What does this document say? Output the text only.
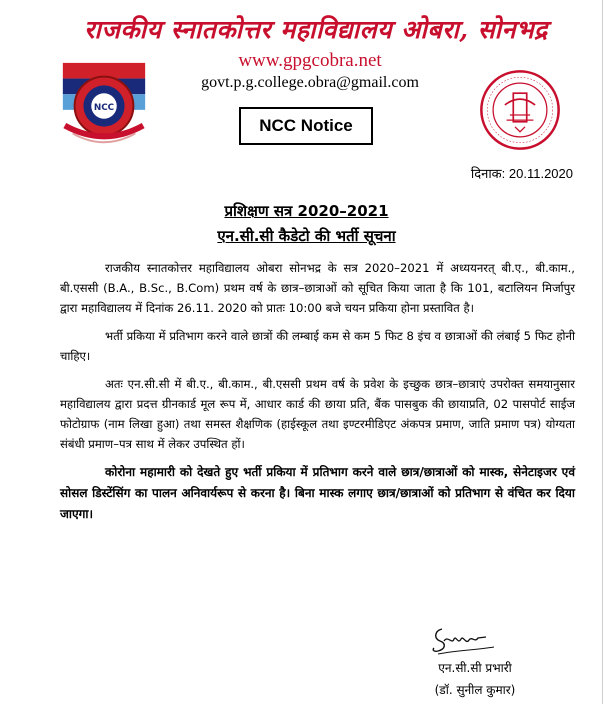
राजकीय स्नातकोत्तर महाविद्यालय ओबरा, सोनभद्र
www.gpgcobra.net
govt.p.g.college.obra@gmail.com
NCC
NCC Notice
दिनाक: 20.11.2020
प्रशिक्षण सत्र 2020–2021
एन.सी.सी कैडेटो की भर्ती सूचना

राजकीय स्नातकोत्तर महाविद्यालय ओबरा सोनभद्र के सत्र 2020–2021 में अध्ययनरत् बी.ए., बी.काम., बी.एससी (B.A., B.Sc., B.Com) प्रथम वर्ष के छात्र–छात्राओं को सूचित किया जाता है कि 101, बटालियन मिर्जापुर द्वारा महाविद्यालय में दिनांक 26.11. 2020 को प्रातः 10:00 बजे चयन प्रकिया होना प्रस्तावित है।

भर्ती प्रकिया में प्रतिभाग करने वाले छात्रों की लम्बाई कम से कम 5 फिट 8 इंच व छात्राओं की लंबाई 5 फिट होनी चाहिए।

अतः एन.सी.सी में बी.ए., बी.काम., बी.एससी प्रथम वर्ष के प्रवेश के इच्छुक छात्र–छात्राएं उपरोक्त समयानुसार महाविद्यालय द्वारा प्रदत्त ग्रीनकार्ड मूल रूप में, आधार कार्ड की छाया प्रति, बैंक पासबुक की छायाप्रति, 02 पासपोर्ट साईज फोटोग्राफ (नाम लिखा हुआ) तथा समस्त शैक्षणिक (हाईस्कूल तथा इण्टरमीडिएट अंकपत्र प्रमाण, जाति प्रमाण पत्र) योग्यता संबंधी प्रमाण–पत्र साथ में लेकर उपस्थित हों।

कोरोना महामारी को देखते हुए भर्ती प्रकिया में प्रतिभाग करने वाले छात्र/छात्राओं को मास्क, सेनेटाइजर एवं सोसल डिस्टेंसिंग का पालन अनिवार्यरूप से करना है। बिना मास्क लगाए छात्र/छात्राओं को प्रतिभाग से वंचित कर दिया जाएगा।

एन.सी.सी प्रभारी
(डॉ. सुनील कुमार)
